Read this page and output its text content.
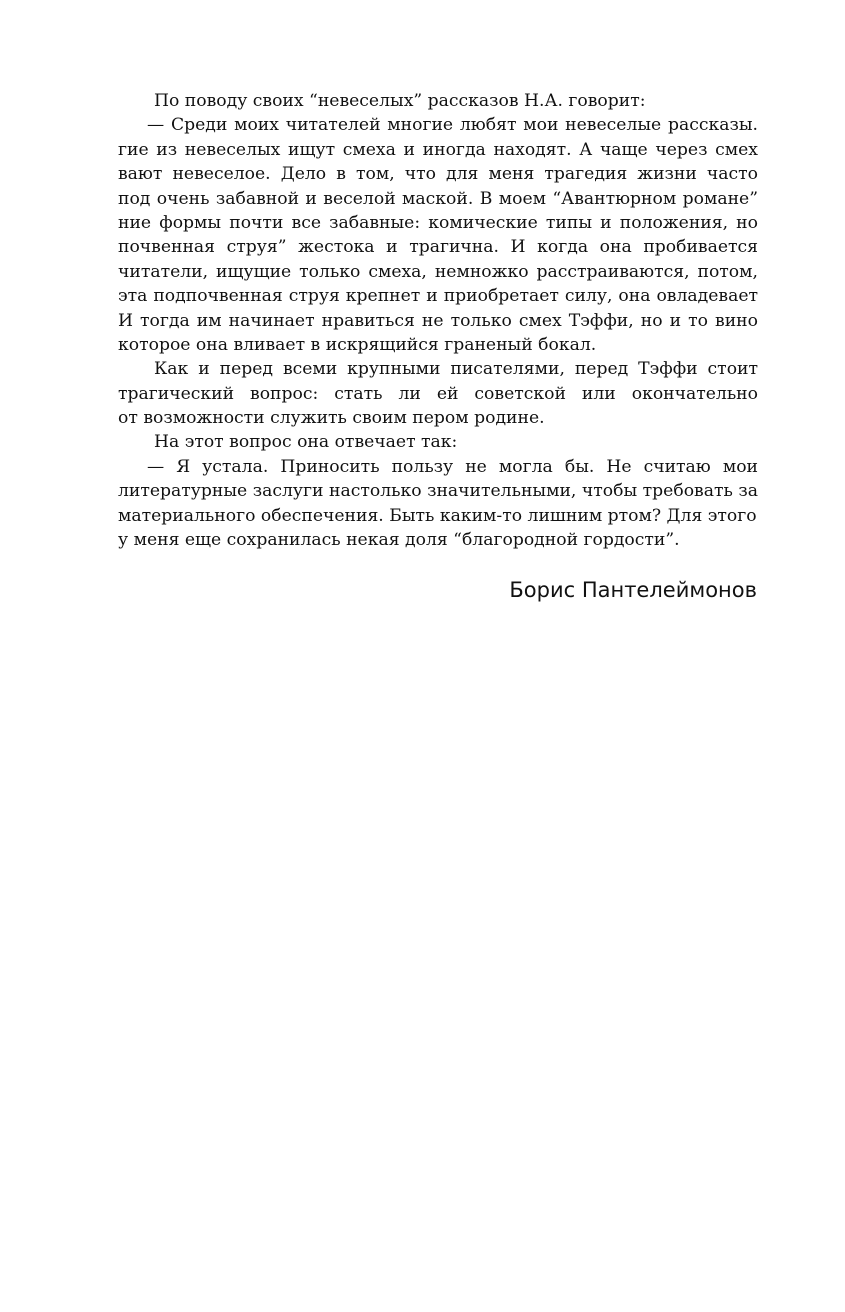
По поводу своих “невеселых” рассказов Н.А. говорит:
— Среди моих читателей многие любят мои невеселые рассказы.
гие из невеселых ищут смеха и иногда находят. А чаще через смех
вают невеселое. Дело в том, что для меня трагедия жизни часто
под очень забавной и веселой маской. В моем “Авантюрном романе”
ние формы почти все забавные: комические типы и положения, но
почвенная струя” жестока и трагична. И когда она пробивается
читатели, ищущие только смеха, немножко расстраиваются, потом,
эта подпочвенная струя крепнет и приобретает силу, она овладевает
И тогда им начинает нравиться не только смех Тэффи, но и то вино
которое она вливает в искрящийся граненый бокал.
Как и перед всеми крупными писателями, перед Тэффи стоит
трагический вопрос: стать ли ей советской или окончательно
от возможности служить своим пером родине.
На этот вопрос она отвечает так:
— Я устала. Приносить пользу не могла бы. Не считаю мои
литературные заслуги настолько значительными, чтобы требовать за
материального обеспечения. Быть каким-то лишним ртом? Для этого
у меня еще сохранилась некая доля “благородной гордости”.
Борис Пантелеймонов
